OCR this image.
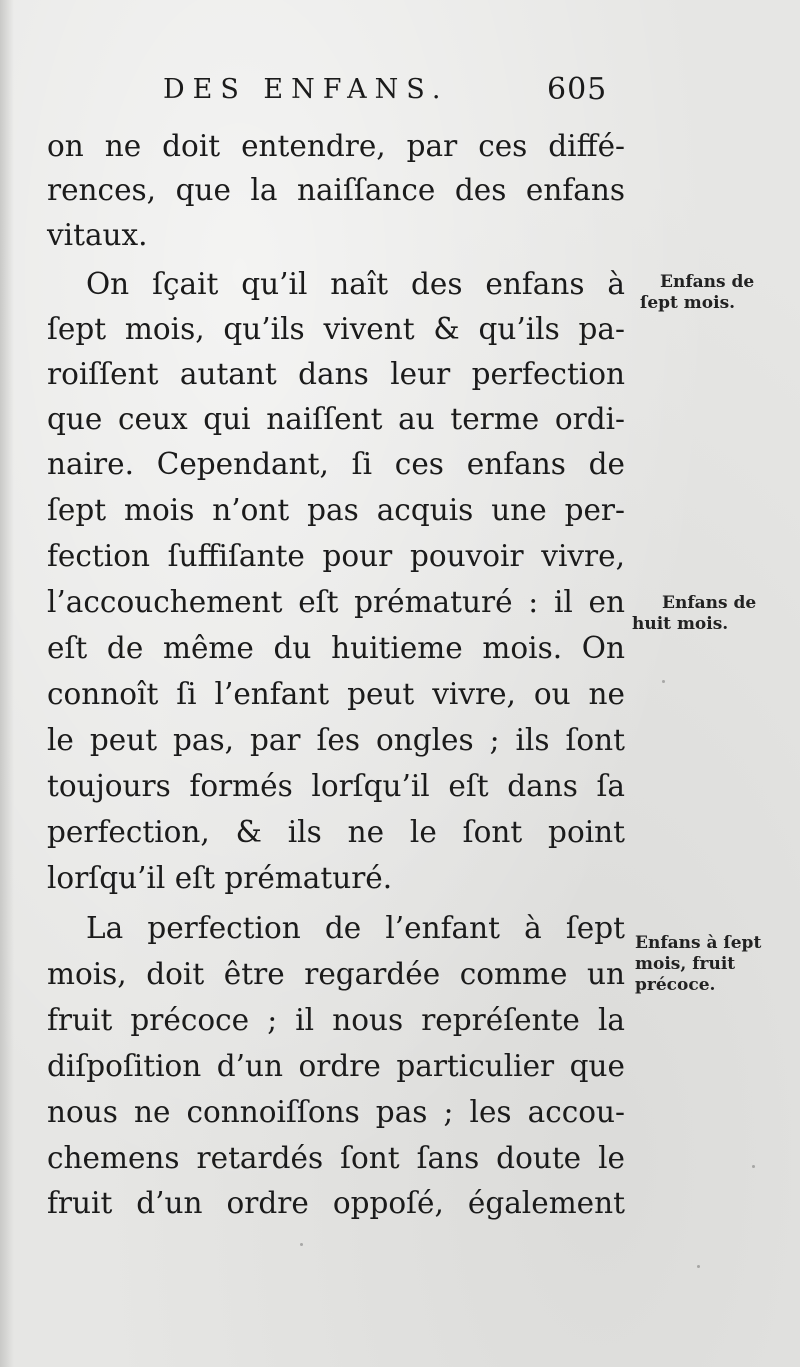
DES ENFANS.	605
on ne doit entendre, par ces diffé-
rences, que la naiſſance des enfans
vitaux.
On ſçait qu’il naît des enfans à
ſept mois, qu’ils vivent & qu’ils pa-
roiſſent autant dans leur perfection
que ceux qui naiſſent au terme ordi-
naire. Cependant, ſi ces enfans de
ſept mois n’ont pas acquis une per-
fection ſuffiſante pour pouvoir vivre,
l’accouchement eſt prématuré : il en
eſt de même du huitieme mois. On
connoît ſi l’enfant peut vivre, ou ne
le peut pas, par ſes ongles ; ils ſont
toujours formés lorſqu’il eſt dans ſa
perfection, & ils ne le ſont point
lorſqu’il eſt prématuré.
La perfection de l’enfant à ſept
mois, doit être regardée comme un
fruit précoce ; il nous repréſente la
diſpoſition d’un ordre particulier que
nous ne connoiſſons pas ; les accou-
chemens retardés ſont ſans doute le
fruit d’un ordre oppoſé, également
Enfans de
ſept mois.
Enfans de
huit mois.
Enfans à ſept
mois, fruit
précoce.
